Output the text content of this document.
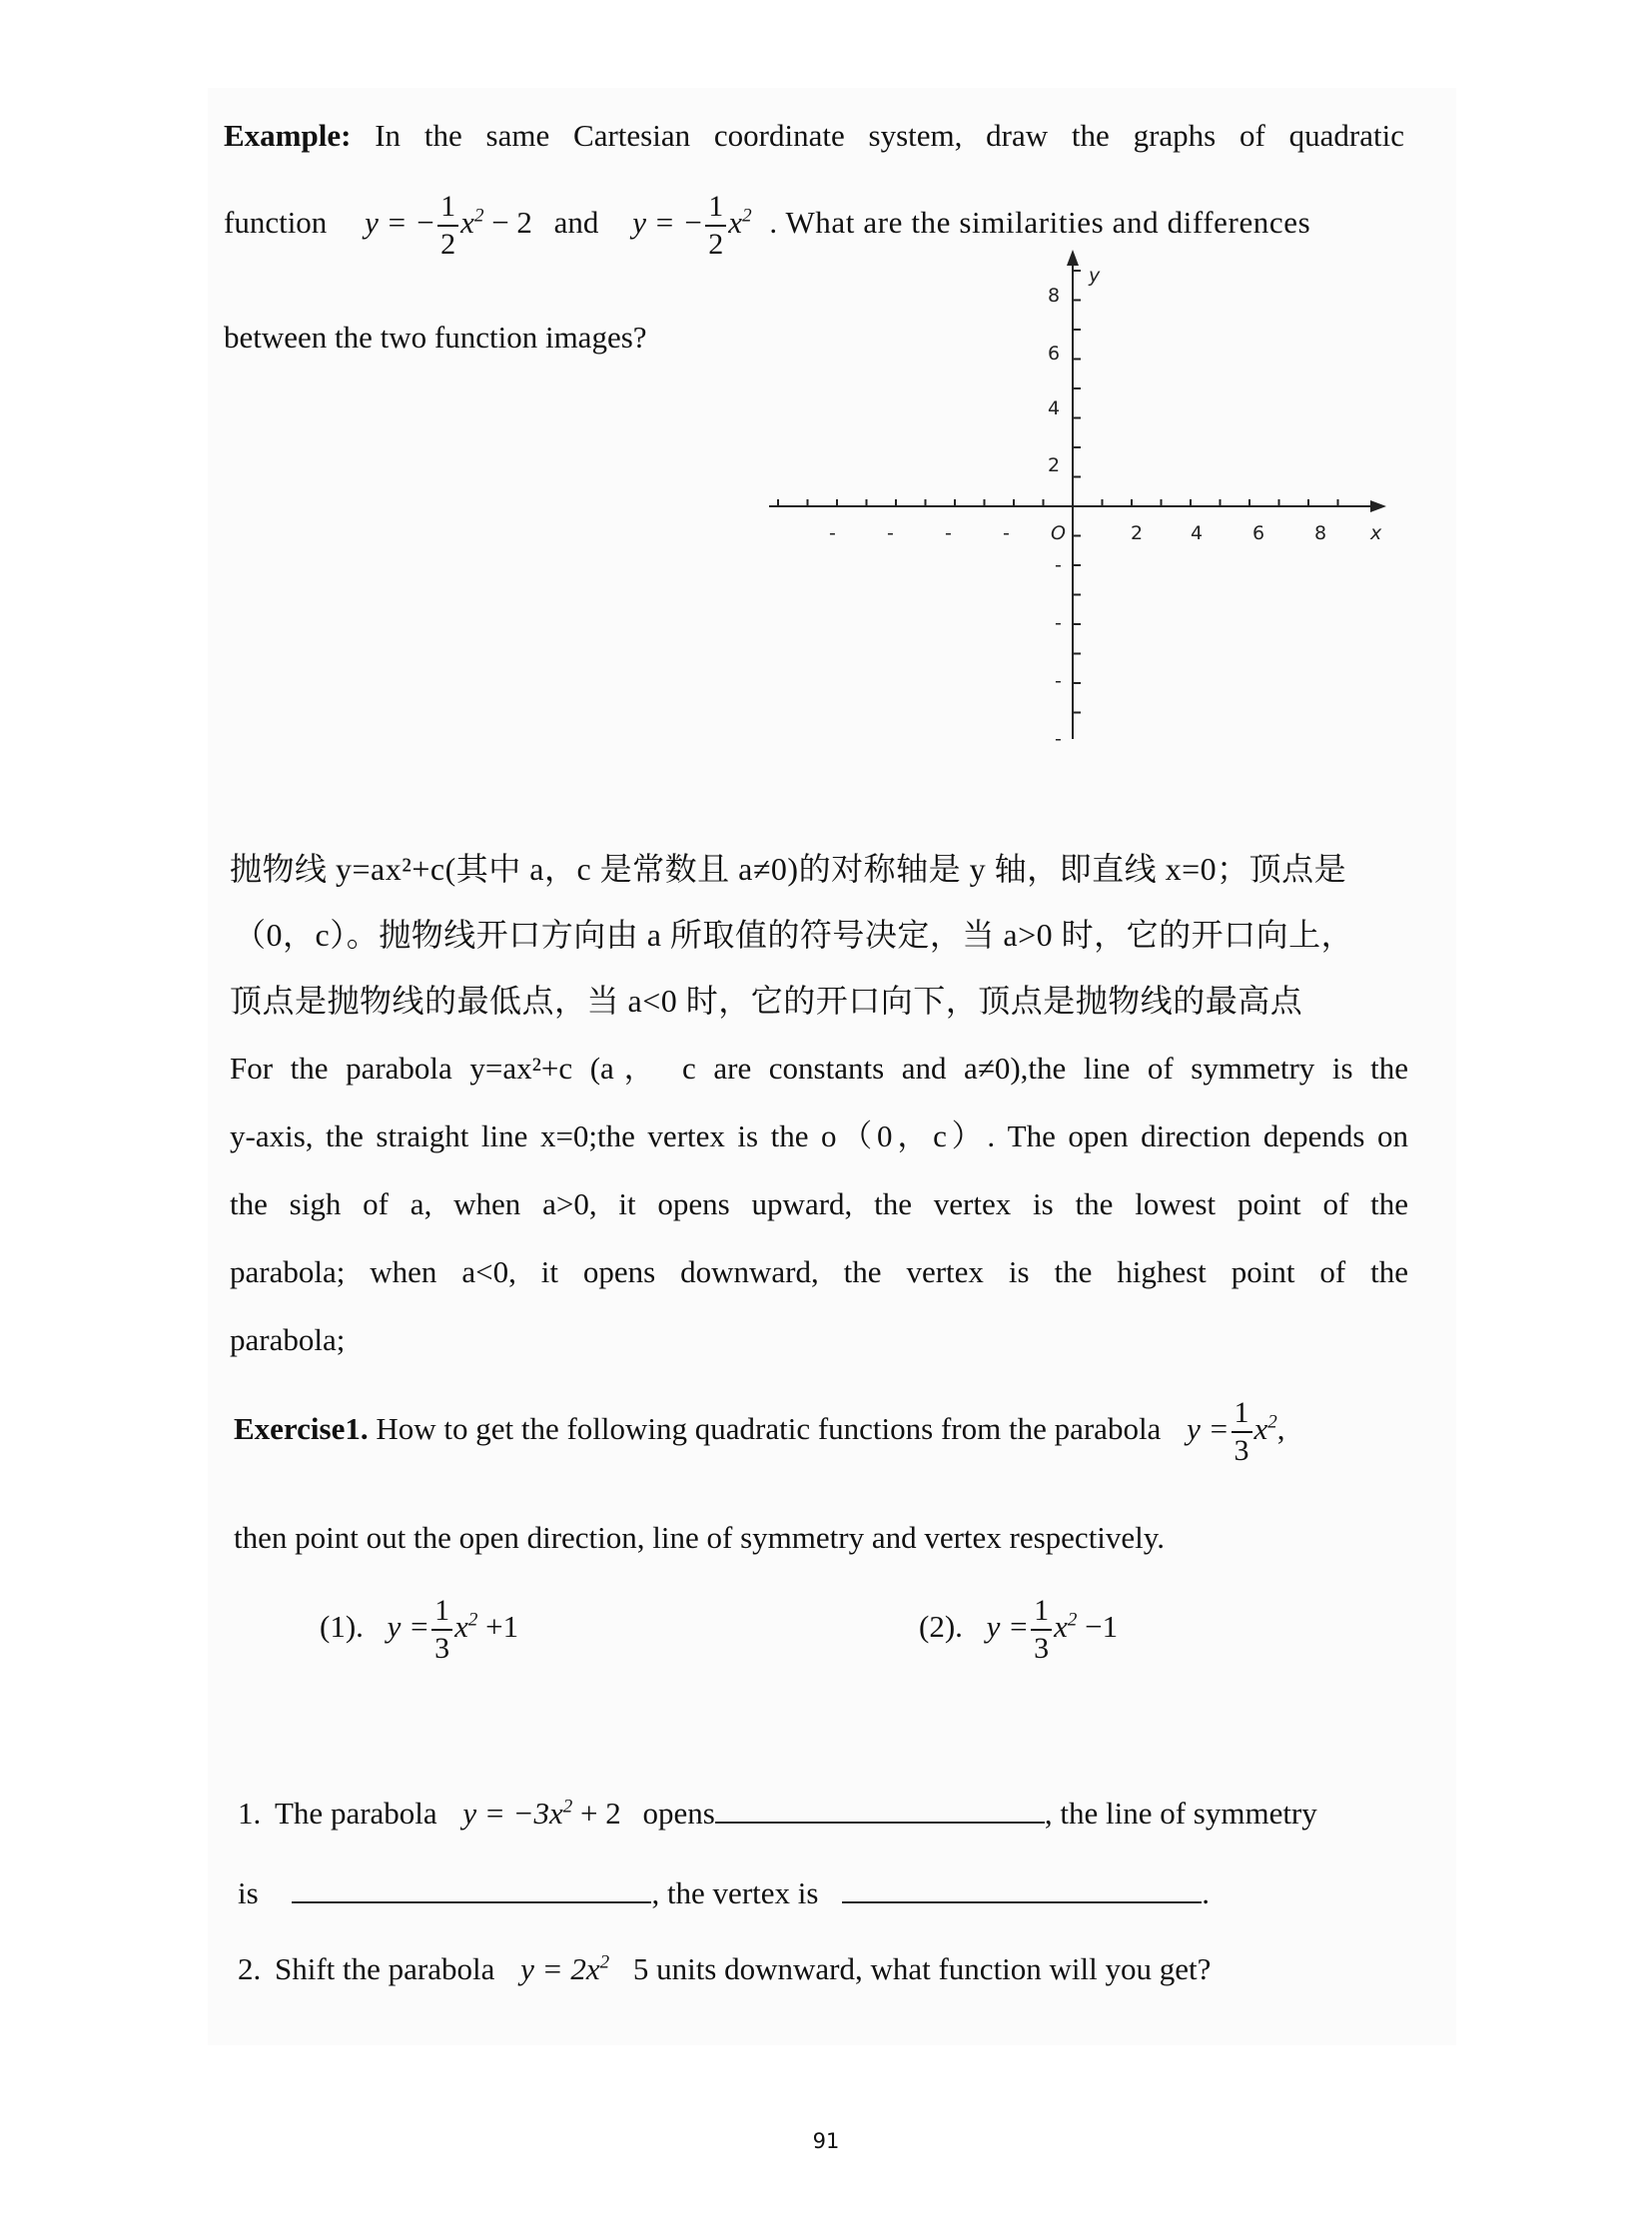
Example: In the same Cartesian coordinate system, draw the graphs of quadratic
function y = − $\frac{1}{2} x^2 - 2$ and y = − $\frac{1}{2} x^2$ . What are the similarities and differences
between the two function images?
y
x
O
8
6
4
2
2	4	6	8
-	-	-	-
-
-
-
-
抛物线 y=ax²+c(其中 a，c 是常数且 a≠0)的对称轴是 y 轴，即直线 x=0；顶点是
（0，c）。抛物线开口方向由 a 所取值的符号决定，当 a>0 时，它的开口向上，
顶点是抛物线的最低点，当 a<0 时，它的开口向下，顶点是抛物线的最高点
For the parabola y=ax²+c (a， c are constants and a≠0),the line of symmetry is the
y-axis, the straight line x=0;the vertex is the o（0，c）. The open direction depends on
the sigh of a, when a>0, it opens upward, the vertex is the lowest point of the
parabola; when a<0, it opens downward, the vertex is the highest point of the
parabola;
Exercise1. How to get the following quadratic functions from the parabola $y = \frac{1}{3} x^2$,
then point out the open direction, line of symmetry and vertex respectively.
(1). $y = \frac{1}{3} x^2 +1$	(2). $y = \frac{1}{3} x^2 -1$
1. The parabola $y = -3x^2 + 2$ opens	, the line of symmetry
is	, the vertex is	.
2. Shift the parabola $y = 2x^2$ 5 units downward, what function will you get?
91
